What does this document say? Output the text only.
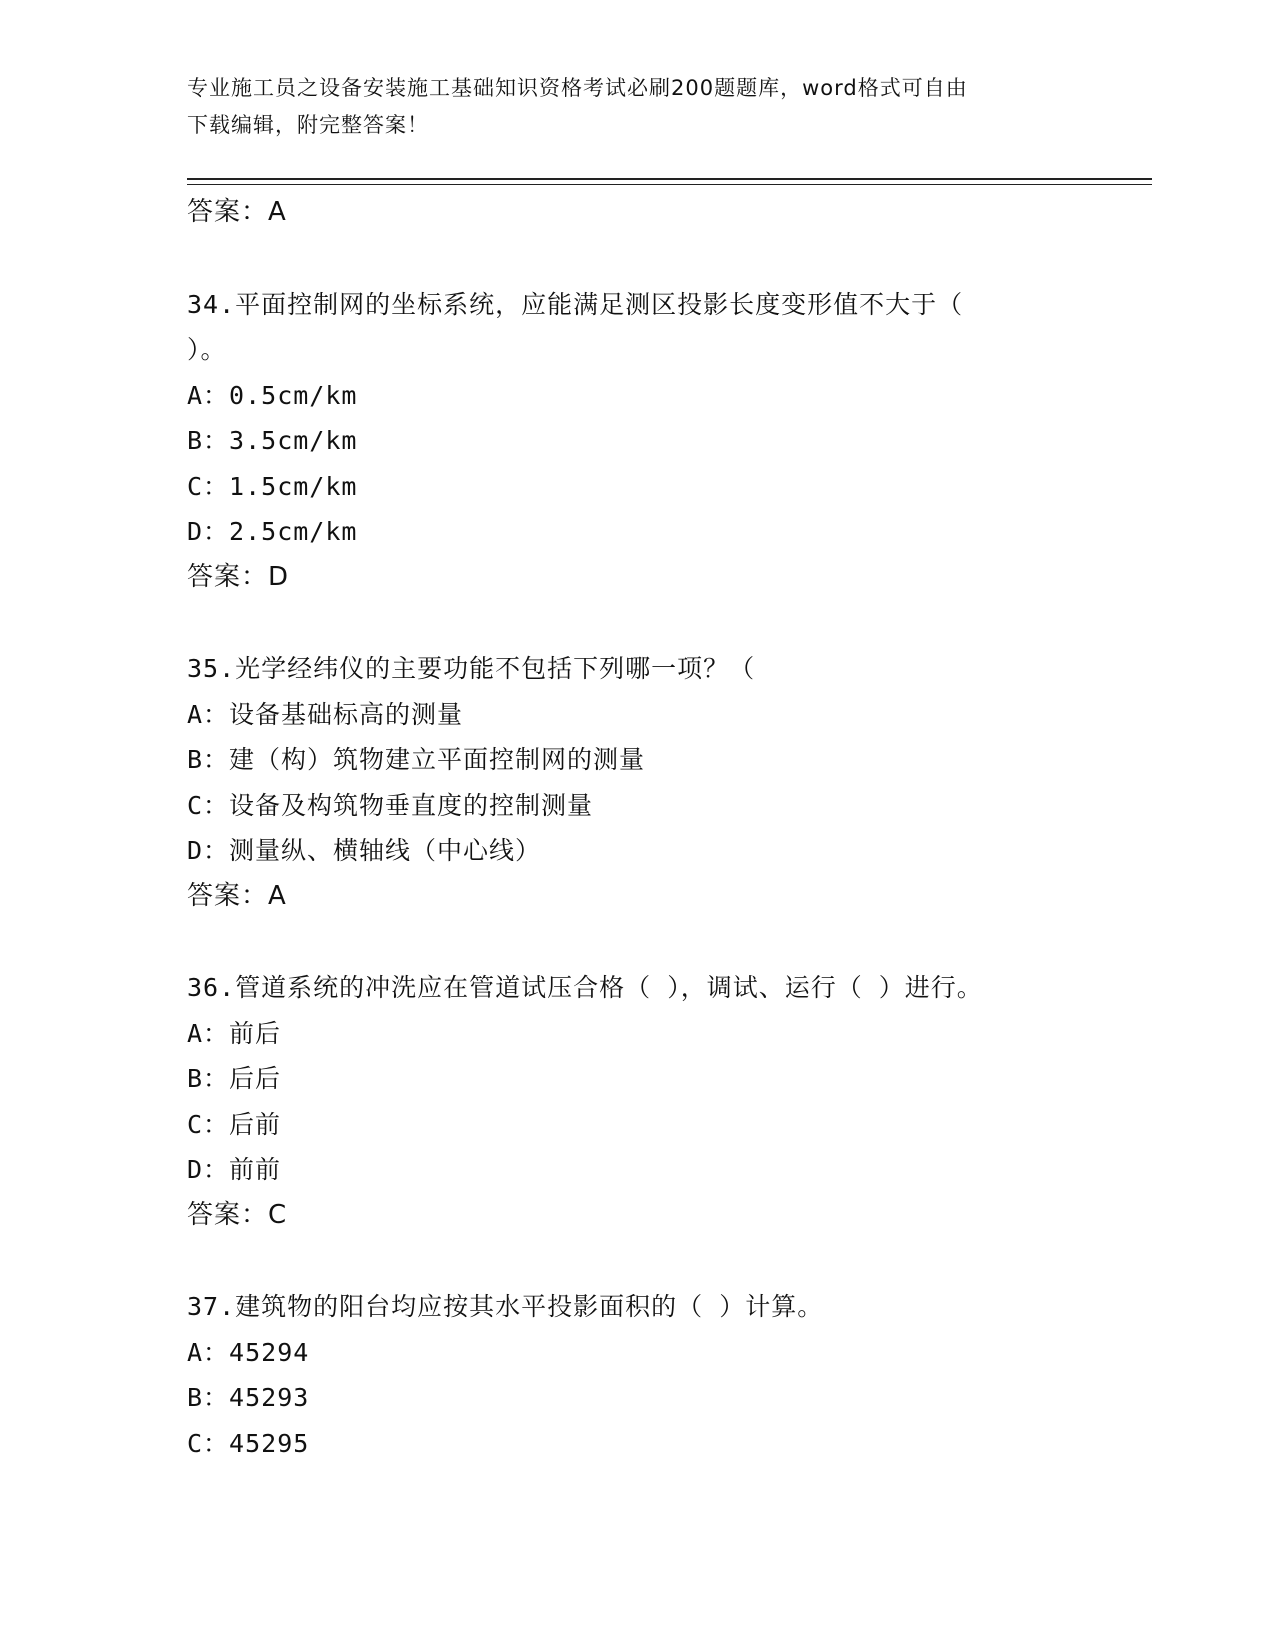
专业施工员之设备安装施工基础知识资格考试必刷200题题库，word格式可自由
下载编辑，附完整答案！
答案：A
34.平面控制网的坐标系统，应能满足测区投影长度变形值不大于（
）。
A：0.5cm/km
B：3.5cm/km
C：1.5cm/km
D：2.5cm/km
答案：D
35.光学经纬仪的主要功能不包括下列哪一项？（
A：设备基础标高的测量
B：建（构）筑物建立平面控制网的测量
C：设备及构筑物垂直度的控制测量
D：测量纵、横轴线（中心线）
答案：A
36.管道系统的冲洗应在管道试压合格（ ），调试、运行（ ）进行。
A：前后
B：后后
C：后前
D：前前
答案：C
37.建筑物的阳台均应按其水平投影面积的（ ）计算。
A：45294
B：45293
C：45295
